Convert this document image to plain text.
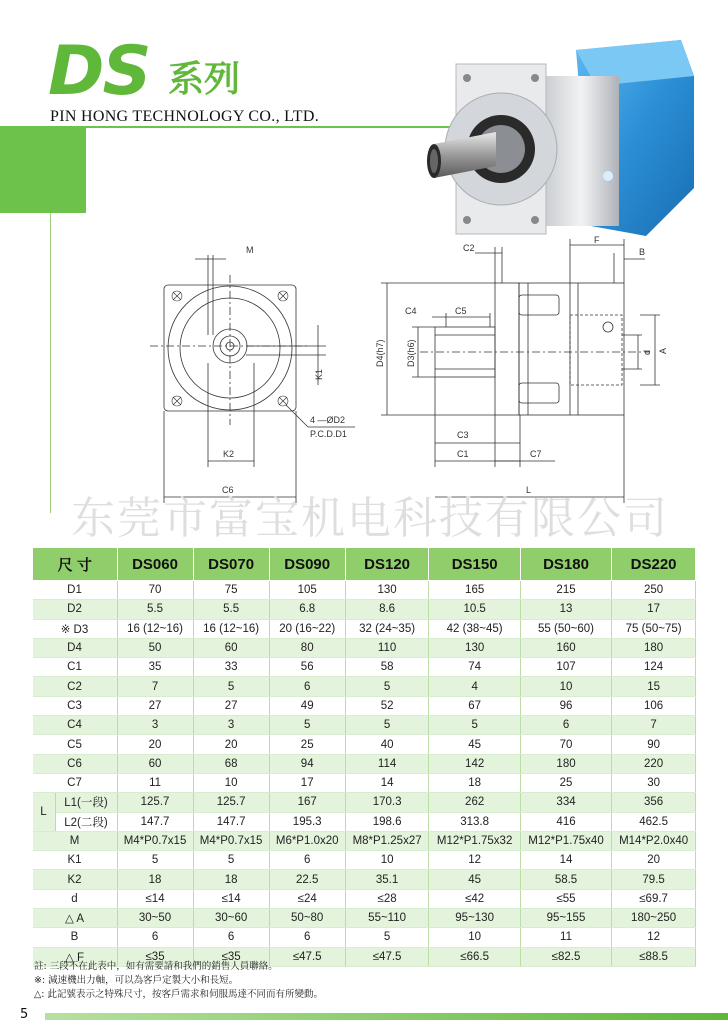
DS 系列
PIN HONG TECHNOLOGY CO., LTD.
M
K1
K2
C6
4 —ØD2
P.C.D.D1
C2
C4	C5
D4(h7) D3(h6)
C3
C1	C7
L
F
B
d A
东莞市富宝机电科技有限公司
尺 寸		DS060	DS070	DS090	DS120	DS150	DS180	DS220
D1		70	75	105	130	165	215	250
D2		5.5	5.5	6.8	8.6	10.5	13	17
※ D3		16 (12~16)	16 (12~16)	20 (16~22)	32 (24~35)	42 (38~45)	55 (50~60)	75 (50~75)
D4		50	60	80	110	130	160	180
C1		35	33	56	58	74	107	124
C2		7	5	6	5	4	10	15
C3		27	27	49	52	67	96	106
C4		3	3	5	5	5	6	7
C5		20	20	25	40	45	70	90
C6		60	68	94	114	142	180	220
C7		11	10	17	14	18	25	30
L	L1(一段)	125.7	125.7	167	170.3	262	334	356
	L2(二段)	147.7	147.7	195.3	198.6	313.8	416	462.5
M		M4*P0.7x15	M4*P0.7x15	M6*P1.0x20	M8*P1.25x27	M12*P1.75x32	M12*P1.75x40	M14*P2.0x40
K1		5	5	6	10	12	14	20
K2		18	18	22.5	35.1	45	58.5	79.5
d		≤14	≤14	≤24	≤28	≤42	≤55	≤69.7
△ A		30~50	30~60	50~80	55~110	95~130	95~155	180~250
B		6	6	6	5	10	11	12
△ F		≤35	≤35	≤47.5	≤47.5	≤66.5	≤82.5	≤88.5
註: 三段不在此表中，如有需要請和我們的銷售人員聯絡。
※: 減速機出力軸，可以為客戶定製大小和長短。
△: 此記號表示之特殊尺寸，按客戶需求和伺服馬達不同而有所變動。
5
